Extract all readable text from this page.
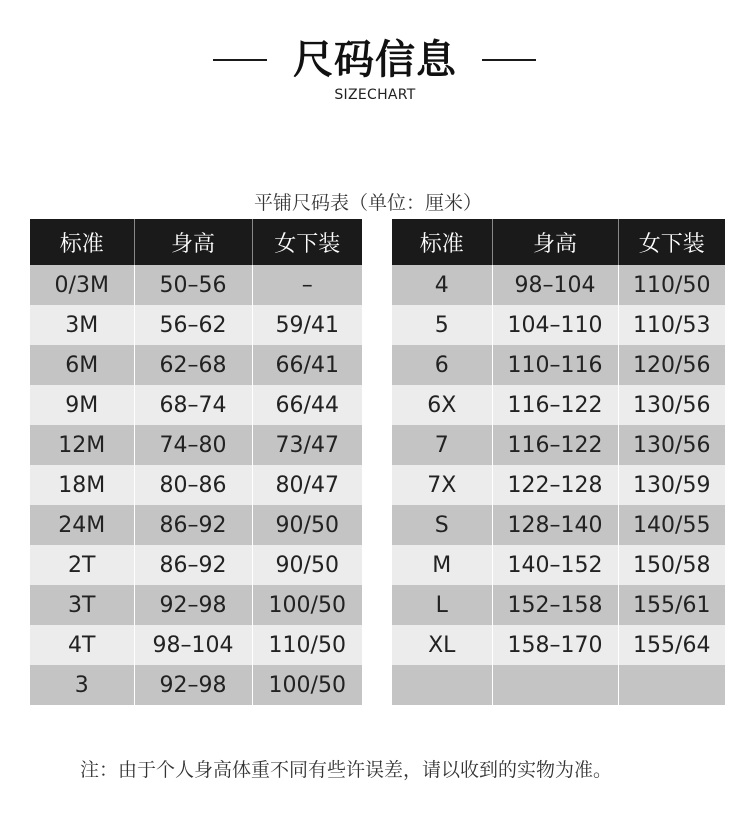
尺码信息
SIZECHART
平铺尺码表（单位：厘米）
标准	身高	女下装
0/3M	50–56	–
3M	56–62	59/41
6M	62–68	66/41
9M	68–74	66/44
12M	74–80	73/47
18M	80–86	80/47
24M	86–92	90/50
2T	86–92	90/50
3T	92–98	100/50
4T	98–104	110/50
3	92–98	100/50
标准	身高	女下装
4	98–104	110/50
5	104–110	110/53
6	110–116	120/56
6X	116–122	130/56
7	116–122	130/56
7X	122–128	130/59
S	128–140	140/55
M	140–152	150/58
L	152–158	155/61
XL	158–170	155/64

注：由于个人身高体重不同有些许误差，请以收到的实物为准。
